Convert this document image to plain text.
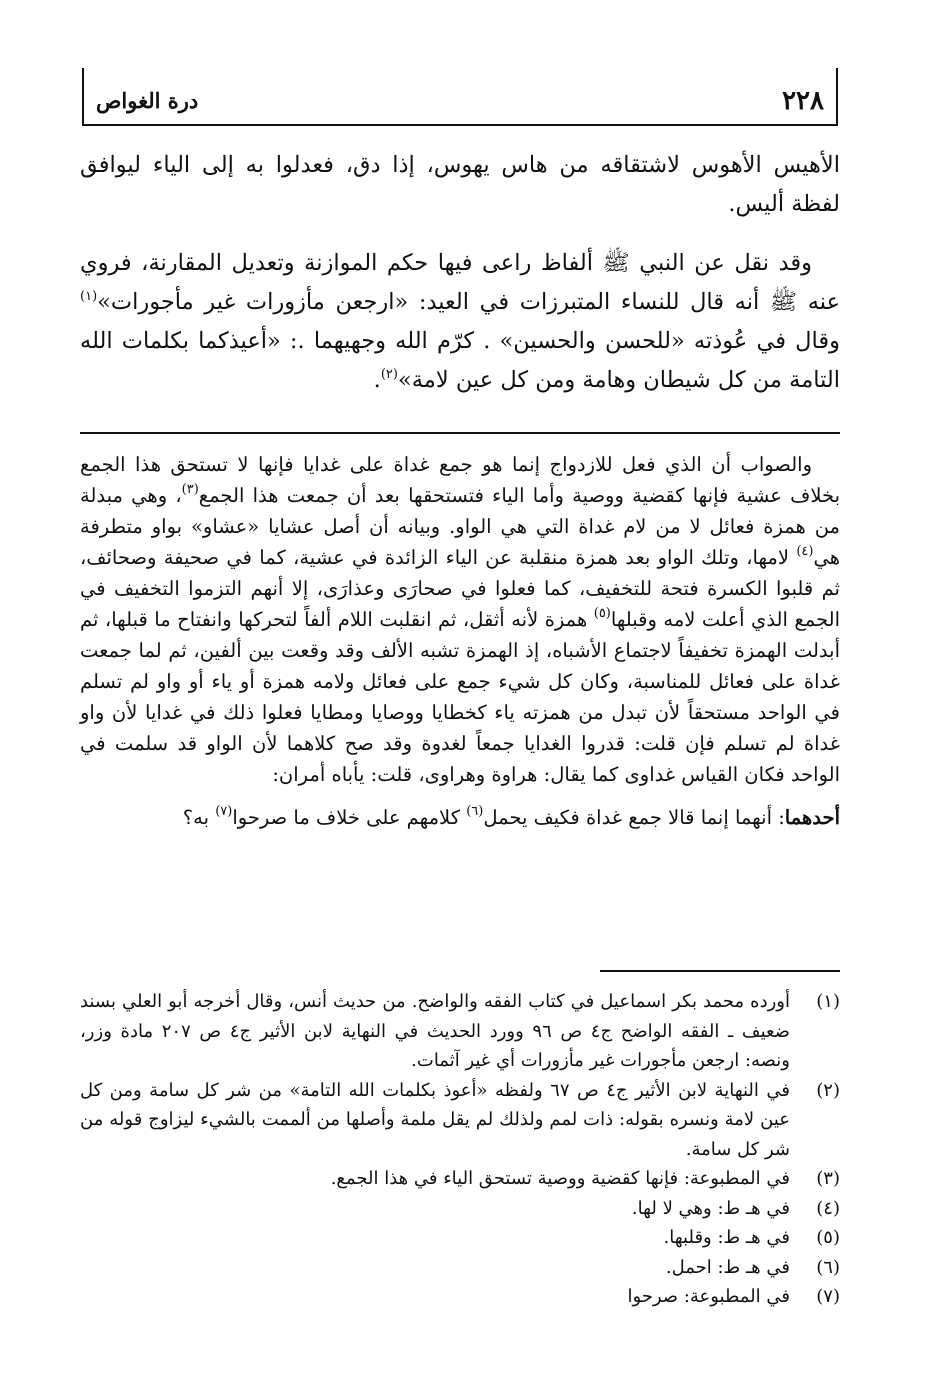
٢٢٨
درة الغواص

الأهيس الأهوس لاشتقاقه من هاس يهوس، إذا دق، فعدلوا به إلى الياء ليوافق لفظة أليس.

وقد نقل عن النبي ﷺ ألفاظ راعى فيها حكم الموازنة وتعديل المقارنة، فروي عنه ﷺ أنه قال للنساء المتبرزات في العيد: «ارجعن مأزورات غير مأجورات»$^{(١)}$ وقال في عُوذته «للحسن والحسين» . كرّم الله وجهيهما .: «أعيذكما بكلمات الله التامة من كل شيطان وهامة ومن كل عين لامة»$^{(٢)}$.

والصواب أن الذي فعل للازدواج إنما هو جمع غداة على غدايا فإنها لا تستحق هذا الجمع بخلاف عشية فإنها كقضية ووصية وأما الياء فتستحقها بعد أن جمعت هذا الجمع$^{(٣)}$، وهي مبدلة من همزة فعائل لا من لام غداة التي هي الواو. وبيانه أن أصل عشايا «عشاو» بواو متطرفة هي$^{(٤)}$ لامها، وتلك الواو بعد همزة منقلبة عن الياء الزائدة في عشية، كما في صحيفة وصحائف، ثم قلبوا الكسرة فتحة للتخفيف، كما فعلوا في صحارَى وعذارَى، إلا أنهم التزموا التخفيف في الجمع الذي أعلت لامه وقبلها$^{(٥)}$ همزة لأنه أثقل، ثم انقلبت اللام ألفاً لتحركها وانفتاح ما قبلها، ثم أبدلت الهمزة تخفيفاً لاجتماع الأشباه، إذ الهمزة تشبه الألف وقد وقعت بين ألفين، ثم لما جمعت غداة على فعائل للمناسبة، وكان كل شيء جمع على فعائل ولامه همزة أو ياء أو واو لم تسلم في الواحد مستحقاً لأن تبدل من همزته ياء كخطايا ووصايا ومطايا فعلوا ذلك في غدايا لأن واو غداة لم تسلم فإن قلت: قدروا الغدايا جمعاً لغدوة وقد صح كلاهما لأن الواو قد سلمت في الواحد فكان القياس غداوى كما يقال: هراوة وهراوى، قلت: يأباه أمران:

أحدهما: أنهما إنما قالا جمع غداة فكيف يحمل$^{(٦)}$ كلامهم على خلاف ما صرحوا$^{(٧)}$ به؟

(١)
أورده محمد بكر اسماعيل في كتاب الفقه والواضح. من حديث أنس، وقال أخرجه أبو العلي بسند ضعيف ـ الفقه الواضح ج٤ ص ٩٦ وورد الحديث في النهاية لابن الأثير ج٤ ص ٢٠٧ مادة وزر، ونصه: ارجعن مأجورات غير مأزورات أي غير آثمات.
(٢)
في النهاية لابن الأثير ج٤ ص ٦٧ ولفظه «أعوذ بكلمات الله التامة» من شر كل سامة ومن كل عين لامة ونسره بقوله: ذات لمم ولذلك لم يقل ملمة وأصلها من ألممت بالشيء ليزاوج قوله من شر كل سامة.
(٣)
في المطبوعة: فإنها كقضية ووصية تستحق الياء في هذا الجمع.
(٤)
في هـ ط: وهي لا لها.
(٥)
في هـ ط: وقلبها.
(٦)
في هـ ط: احمل.
(٧)
في المطبوعة: صرحوا
